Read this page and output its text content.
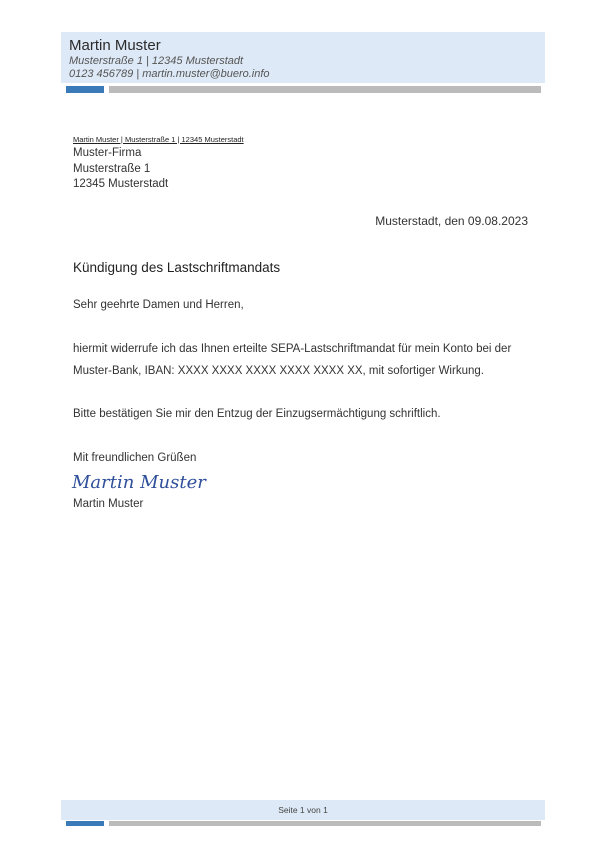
Martin Muster
Musterstraße 1 | 12345 Musterstadt
0123 456789 | martin.muster@buero.info
Martin Muster | Musterstraße 1 | 12345 Musterstadt
Muster-Firma
Musterstraße 1
12345 Musterstadt
Musterstadt, den 09.08.2023
Kündigung des Lastschriftmandats
Sehr geehrte Damen und Herren,
hiermit widerrufe ich das Ihnen erteilte SEPA-Lastschriftmandat für mein Konto bei der
Muster-Bank, IBAN: XXXX XXXX XXXX XXXX XXXX XX, mit sofortiger Wirkung.
Bitte bestätigen Sie mir den Entzug der Einzugsermächtigung schriftlich.
Mit freundlichen Grüßen
Martin Muster
Martin Muster
Seite 1 von 1
